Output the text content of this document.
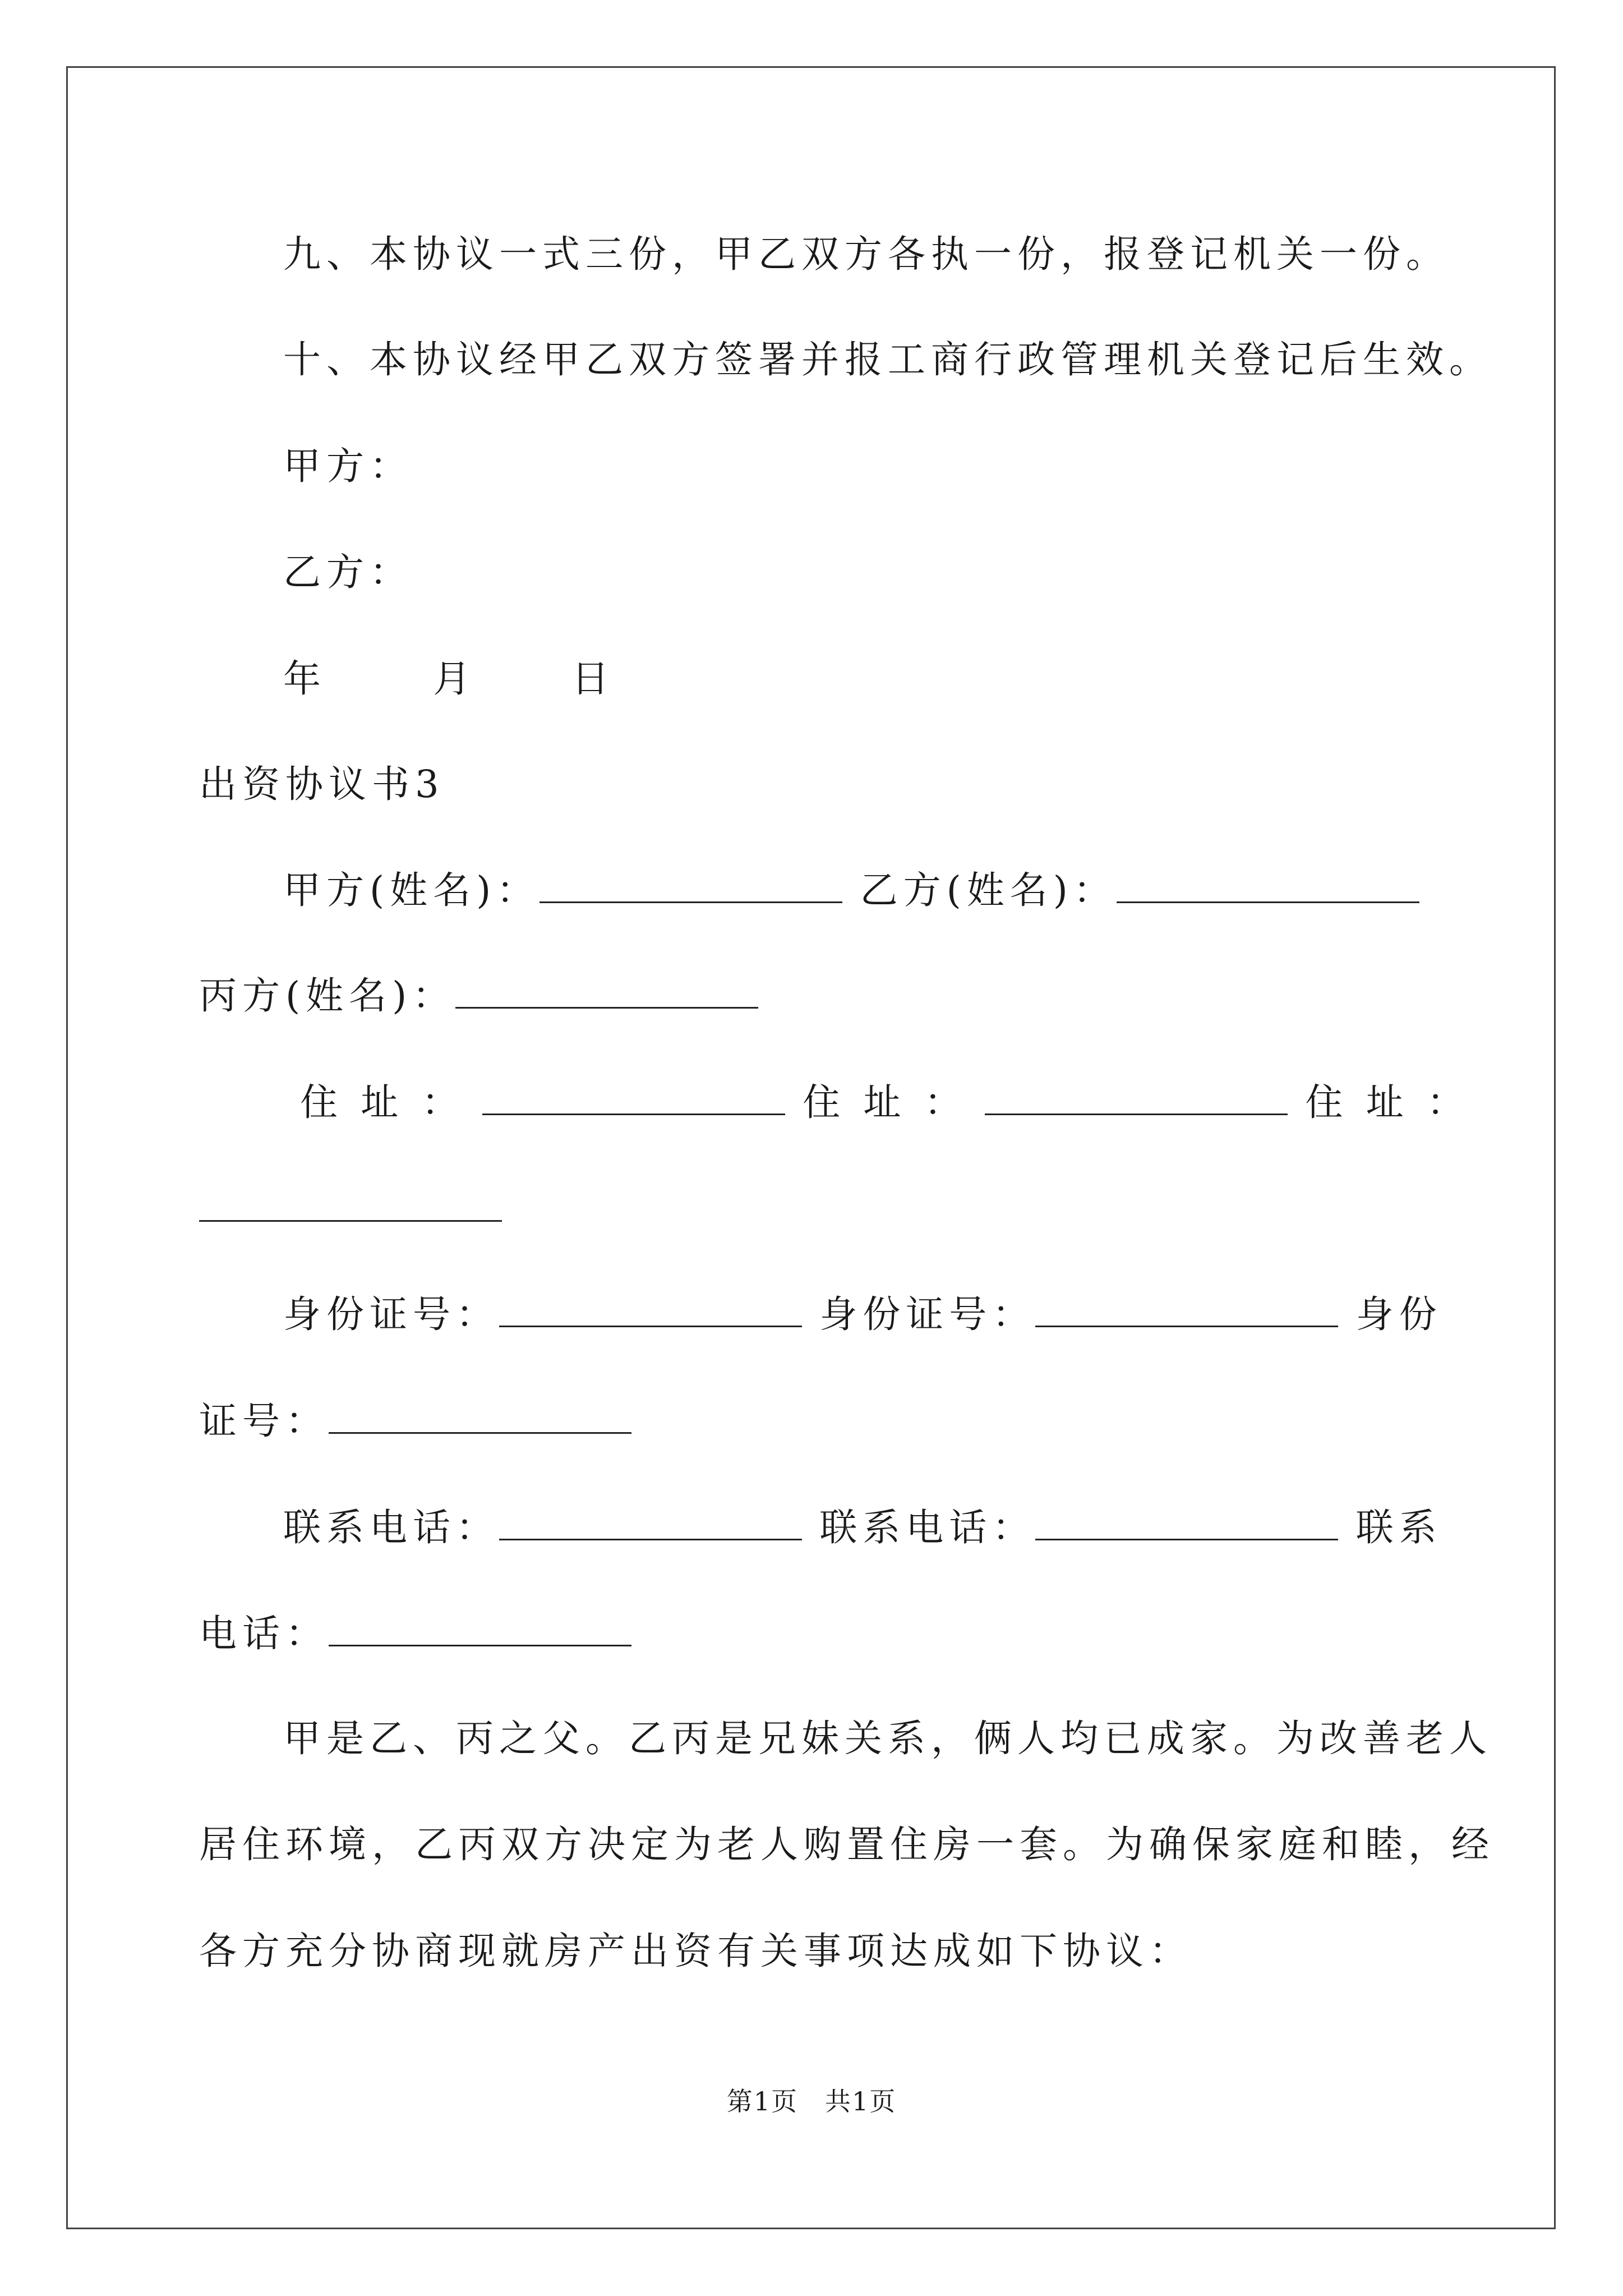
九、本协议一式三份，甲乙双方各执一份，报登记机关一份。
十、本协议经甲乙双方签署并报工商行政管理机关登记后生效。
甲方：
乙方：
年	月	日
出资协议书3
甲方(姓名)：	乙方(姓名)：
丙方(姓名)：
住 址 ：	住 址 ：	住 址 ：
身份证号：	身份证号：	身份
证号：
联系电话：	联系电话：	联系
电话：
甲是乙、丙之父。乙丙是兄妹关系，俩人均已成家。为改善老人
居住环境，乙丙双方决定为老人购置住房一套。为确保家庭和睦，经
各方充分协商现就房产出资有关事项达成如下协议：
第1页　共1页
